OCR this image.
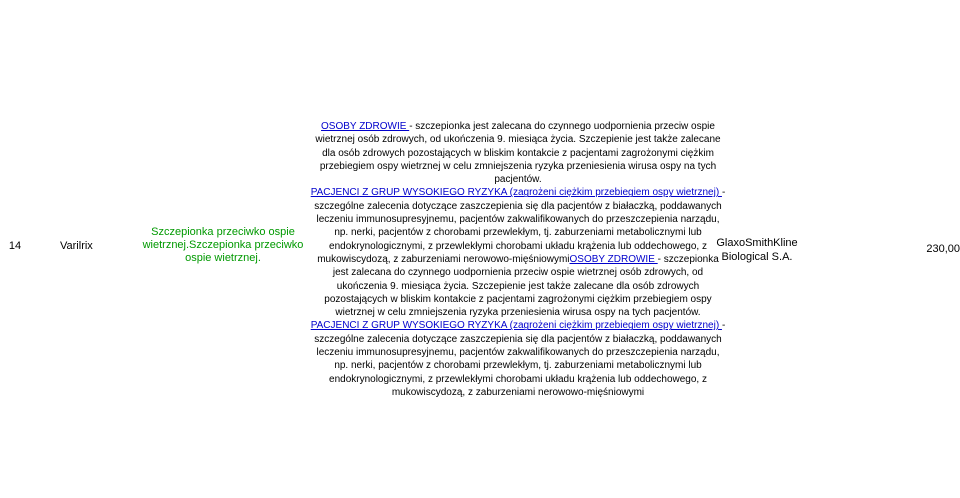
14	Varilrix
Szczepionka przeciwko ospie wietrznej.Szczepionka przeciwko ospie wietrznej.

OSOBY ZDROWIE - szczepionka jest zalecana do czynnego uodpornienia przeciw ospie wietrznej osób zdrowych, od ukończenia 9. miesiąca życia. Szczepienie jest także zalecane dla osób zdrowych pozostających w bliskim kontakcie z pacjentami zagrożonymi ciężkim przebiegiem ospy wietrznej w celu zmniejszenia ryzyka przeniesienia wirusa ospy na tych pacjentów.

PACJENCI Z GRUP WYSOKIEGO RYZYKA (zagrożeni ciężkim przebiegiem ospy wietrznej) - szczególne zalecenia dotyczące zaszczepienia się dla pacjentów z białaczką, poddawanych leczeniu immunosupresyjnemu, pacjentów zakwalifikowanych do przeszczepienia narządu, np. nerki, pacjentów z chorobami przewlekłym, tj. zaburzeniami metabolicznymi lub endokrynologicznymi, z przewlekłymi chorobami układu krążenia lub oddechowego, z mukowiscydozą, z zaburzeniami nerowowo-mięśniowymiOSOBY ZDROWIE - szczepionka jest zalecana do czynnego uodpornienia przeciw ospie wietrznej osób zdrowych, od ukończenia 9. miesiąca życia. Szczepienie jest także zalecane dla osób zdrowych pozostających w bliskim kontakcie z pacjentami zagrożonymi ciężkim przebiegiem ospy wietrznej w celu zmniejszenia ryzyka przeniesienia wirusa ospy na tych pacjentów.

PACJENCI Z GRUP WYSOKIEGO RYZYKA (zagrożeni ciężkim przebiegiem ospy wietrznej) - szczególne zalecenia dotyczące zaszczepienia się dla pacjentów z białaczką, poddawanych leczeniu immunosupresyjnemu, pacjentów zakwalifikowanych do przeszczepienia narządu, np. nerki, pacjentów z chorobami przewlekłym, tj. zaburzeniami metabolicznymi lub endokrynologicznymi, z przewlekłymi chorobami układu krążenia lub oddechowego, z mukowiscydozą, z zaburzeniami nerowowo-mięśniowymi

GlaxoSmithKline Biological S.A.
230,00
